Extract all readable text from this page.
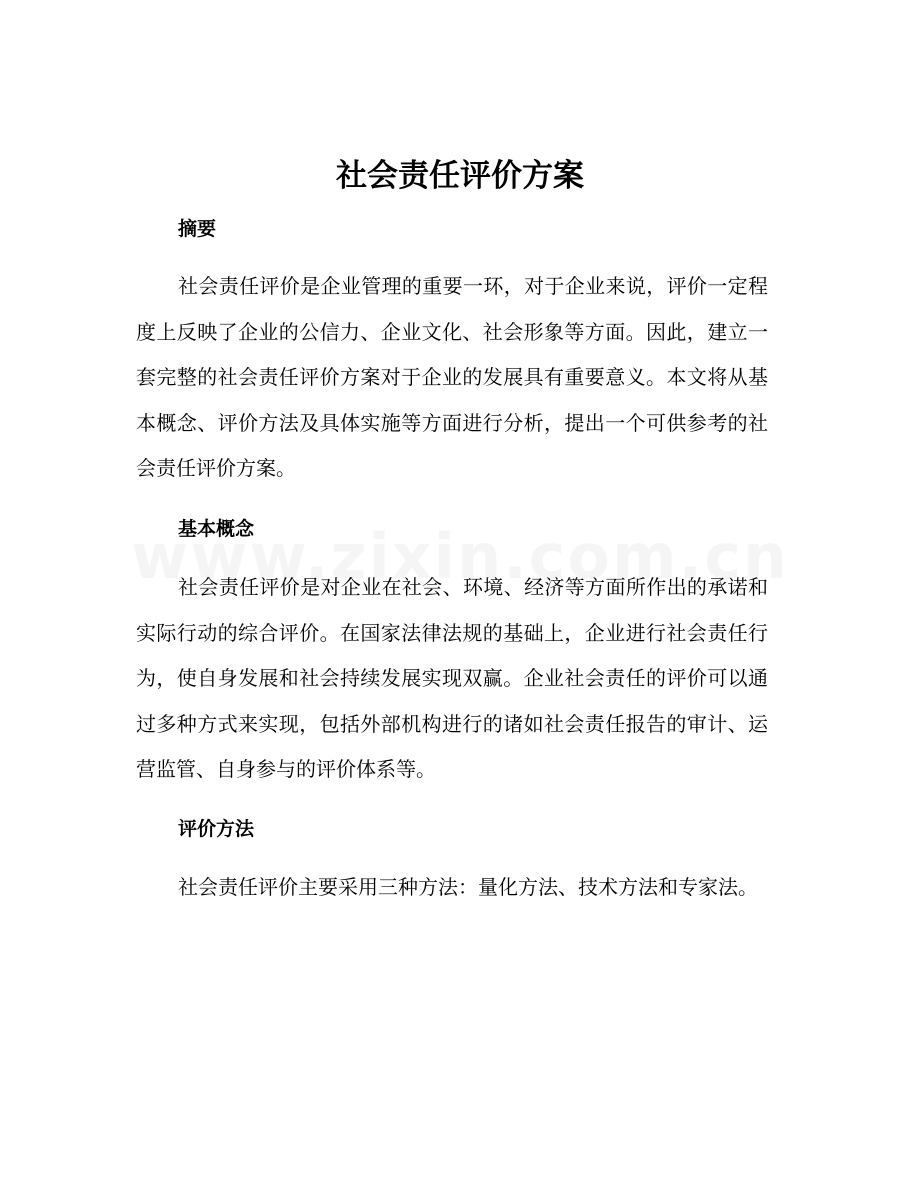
社会责任评价方案
摘要

社会责任评价是企业管理的重要一环，对于企业来说，评价一定程度上反映了企业的公信力、企业文化、社会形象等方面。因此，建立一套完整的社会责任评价方案对于企业的发展具有重要意义。本文将从基本概念、评价方法及具体实施等方面进行分析，提出一个可供参考的社会责任评价方案。

基本概念

社会责任评价是对企业在社会、环境、经济等方面所作出的承诺和实际行动的综合评价。在国家法律法规的基础上，企业进行社会责任行为，使自身发展和社会持续发展实现双赢。企业社会责任的评价可以通过多种方式来实现，包括外部机构进行的诸如社会责任报告的审计、运营监管、自身参与的评价体系等。

评价方法

社会责任评价主要采用三种方法：量化方法、技术方法和专家法。
